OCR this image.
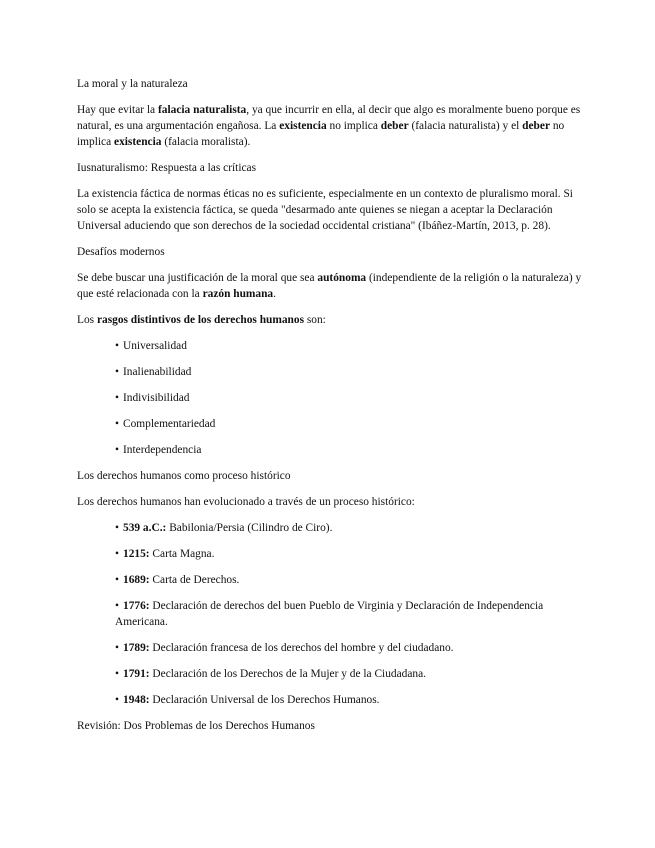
La moral y la naturaleza

Hay que evitar la falacia naturalista, ya que incurrir en ella, al decir que algo es moralmente bueno porque es natural, es una argumentación engañosa. La existencia no implica deber (falacia naturalista) y el deber no implica existencia (falacia moralista).

Iusnaturalismo: Respuesta a las críticas

La existencia fáctica de normas éticas no es suficiente, especialmente en un contexto de pluralismo moral. Si solo se acepta la existencia fáctica, se queda "desarmado ante quienes se niegan a aceptar la Declaración Universal aduciendo que son derechos de la sociedad occidental cristiana" (Ibáñez-Martín, 2013, p. 28).

Desafíos modernos

Se debe buscar una justificación de la moral que sea autónoma (independiente de la religión o la naturaleza) y que esté relacionada con la razón humana.

Los rasgos distintivos de los derechos humanos son:

• Universalidad
• Inalienabilidad
• Indivisibilidad
• Complementariedad
• Interdependencia

Los derechos humanos como proceso histórico

Los derechos humanos han evolucionado a través de un proceso histórico:

• 539 a.C.: Babilonia/Persia (Cilindro de Ciro).
• 1215: Carta Magna.
• 1689: Carta de Derechos.
• 1776: Declaración de derechos del buen Pueblo de Virginia y Declaración de Independencia Americana.
• 1789: Declaración francesa de los derechos del hombre y del ciudadano.
• 1791: Declaración de los Derechos de la Mujer y de la Ciudadana.
• 1948: Declaración Universal de los Derechos Humanos.

Revisión: Dos Problemas de los Derechos Humanos
